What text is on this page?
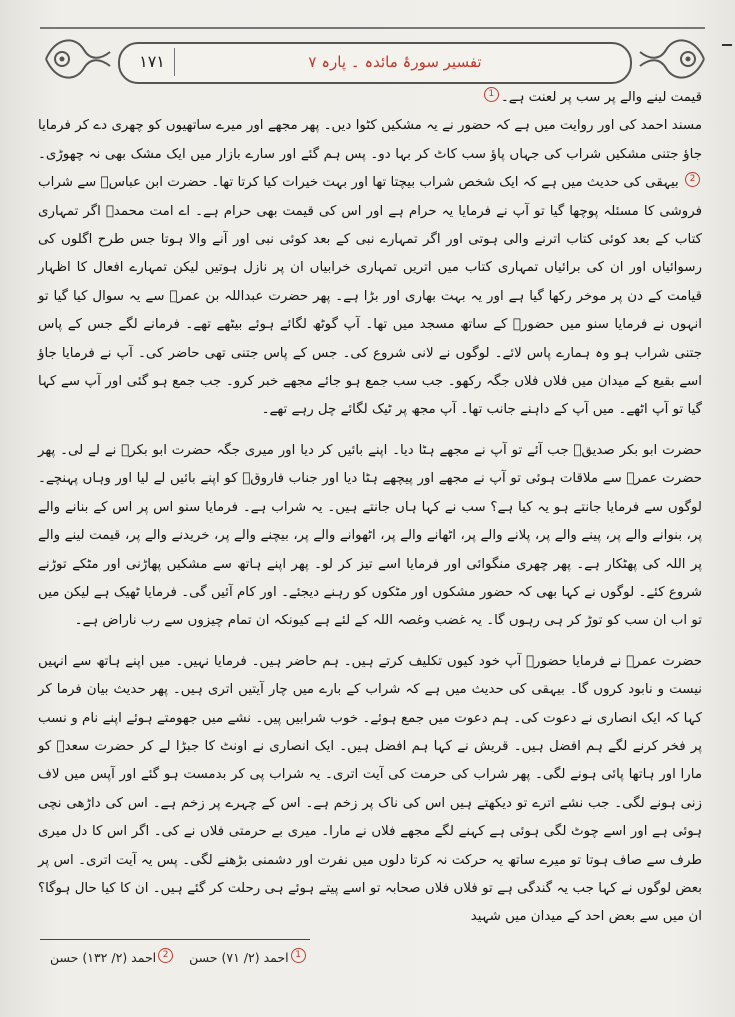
۱۷۱	تفسیر سورۂ مائدہ ۔ پارہ ۷

قیمت لینے والے پر سب پر لعنت ہے۔1

مسند احمد کی اور روایت میں ہے کہ حضور نے یہ مشکیں کٹوا دیں۔ پھر مجھے اور میرے ساتھیوں کو چھری دے کر فرمایا جاؤ جتنی مشکیں شراب کی جہاں پاؤ سب کاٹ کر بہا دو۔ پس ہم گئے اور سارے بازار میں ایک مشک بھی نہ چھوڑی۔2 بیہقی کی حدیث میں ہے کہ ایک شخص شراب بیچتا تھا اور بہت خیرات کیا کرتا تھا۔ حضرت ابن عباسؓ سے شراب فروشی کا مسئلہ پوچھا گیا تو آپ نے فرمایا یہ حرام ہے اور اس کی قیمت بھی حرام ہے۔ اے امت محمدؐ اگر تمہاری کتاب کے بعد کوئی کتاب اترنے والی ہوتی اور اگر تمہارے نبی کے بعد کوئی نبی اور آنے والا ہوتا جس طرح اگلوں کی رسوائیاں اور ان کی برائیاں تمہاری کتاب میں اتریں تمہاری خرابیاں ان پر نازل ہوتیں لیکن تمہارے افعال کا اظہار قیامت کے دن پر موخر رکھا گیا ہے اور یہ بہت بھاری اور بڑا ہے۔ پھر حضرت عبداللہ بن عمرؓ سے یہ سوال کیا گیا تو انہوں نے فرمایا سنو میں حضورؐ کے ساتھ مسجد میں تھا۔ آپ گوٹھ لگائے ہوئے بیٹھے تھے۔ فرمانے لگے جس کے پاس جتنی شراب ہو وہ ہمارے پاس لائے۔ لوگوں نے لانی شروع کی۔ جس کے پاس جتنی تھی حاضر کی۔ آپ نے فرمایا جاؤ اسے بقیع کے میدان میں فلاں فلاں جگہ رکھو۔ جب سب جمع ہو جائے مجھے خبر کرو۔ جب جمع ہو گئی اور آپ سے کہا گیا تو آپ اٹھے۔ میں آپ کے داہنے جانب تھا۔ آپ مجھ پر ٹیک لگائے چل رہے تھے۔

حضرت ابو بکر صدیقؓ جب آئے تو آپ نے مجھے ہٹا دیا۔ اپنے بائیں کر دیا اور میری جگہ حضرت ابو بکرؓ نے لے لی۔ پھر حضرت عمرؓ سے ملاقات ہوئی تو آپ نے مجھے اور پیچھے ہٹا دیا اور جناب فاروقؓ کو اپنے بائیں لے لیا اور وہاں پہنچے۔ لوگوں سے فرمایا جانتے ہو یہ کیا ہے؟ سب نے کہا ہاں جانتے ہیں۔ یہ شراب ہے۔ فرمایا سنو اس پر اس کے بنانے والے پر، بنوانے والے پر، پینے والے پر، پلانے والے پر، اٹھانے والے پر، اٹھوانے والے پر، بیچنے والے پر، خریدنے والے پر، قیمت لینے والے پر اللہ کی پھٹکار ہے۔ پھر چھری منگوائی اور فرمایا اسے تیز کر لو۔ پھر اپنے ہاتھ سے مشکیں پھاڑنی اور مٹکے توڑنے شروع کئے۔ لوگوں نے کہا بھی کہ حضور مشکوں اور مٹکوں کو رہنے دیجئے۔ اور کام آئیں گی۔ فرمایا ٹھیک ہے لیکن میں تو اب ان سب کو توڑ کر ہی رہوں گا۔ یہ غضب وغصہ اللہ کے لئے ہے کیونکہ ان تمام چیزوں سے رب ناراض ہے۔

حضرت عمرؓ نے فرمایا حضورؐ آپ خود کیوں تکلیف کرتے ہیں۔ ہم حاضر ہیں۔ فرمایا نہیں۔ میں اپنے ہاتھ سے انہیں نیست و نابود کروں گا۔ بیہقی کی حدیث میں ہے کہ شراب کے بارے میں چار آیتیں اتری ہیں۔ پھر حدیث بیان فرما کر کہا کہ ایک انصاری نے دعوت کی۔ ہم دعوت میں جمع ہوئے۔ خوب شرابیں پیں۔ نشے میں جھومتے ہوئے اپنے نام و نسب پر فخر کرنے لگے ہم افضل ہیں۔ قریش نے کہا ہم افضل ہیں۔ ایک انصاری نے اونٹ کا جبڑا لے کر حضرت سعدؓ کو مارا اور ہاتھا پائی ہونے لگی۔ پھر شراب کی حرمت کی آیت اتری۔ یہ شراب پی کر بدمست ہو گئے اور آپس میں لاف زنی ہونے لگی۔ جب نشے اترے تو دیکھتے ہیں اس کی ناک پر زخم ہے۔ اس کے چہرے پر زخم ہے۔ اس کی داڑھی نچی ہوئی ہے اور اسے چوٹ لگی ہوئی ہے کہنے لگے مجھے فلاں نے مارا۔ میری بے حرمتی فلاں نے کی۔ اگر اس کا دل میری طرف سے صاف ہوتا تو میرے ساتھ یہ حرکت نہ کرتا دلوں میں نفرت اور دشمنی بڑھنے لگی۔ پس یہ آیت اتری۔ اس پر بعض لوگوں نے کہا جب یہ گندگی ہے تو فلاں فلاں صحابہ تو اسے پیتے ہوئے ہی رحلت کر گئے ہیں۔ ان کا کیا حال ہوگا؟ ان میں سے بعض احد کے میدان میں شہید

1احمد (۲/ ۷۱) حسن 2احمد (۲/ ۱۳۲) حسن
